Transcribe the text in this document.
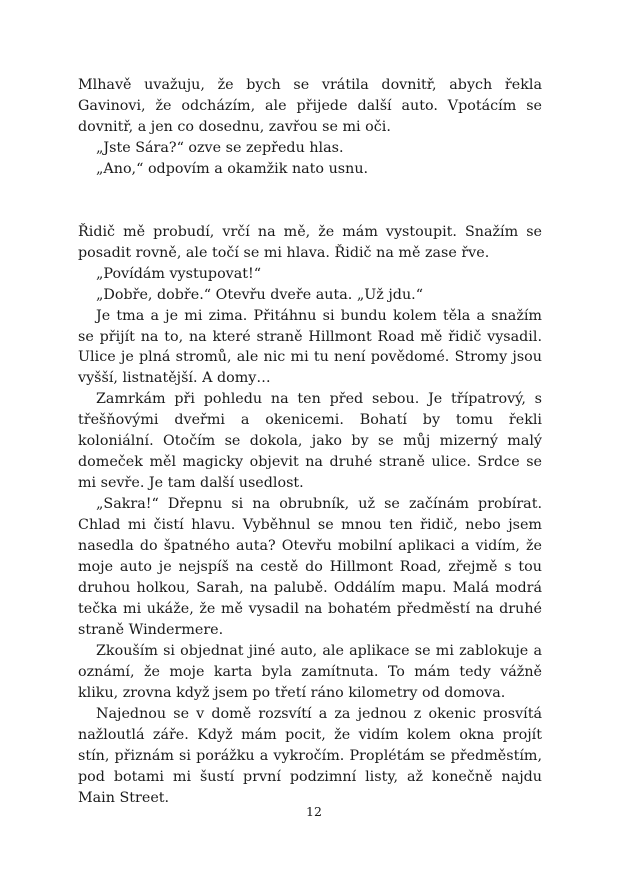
Mlhavě uvažuju, že bych se vrátila dovnitř, abych řekla Gavinovi, že odcházím, ale přijede další auto. Vpotácím se dovnitř, a jen co dosednu, zavřou se mi oči.

„Jste Sára?“ ozve se zepředu hlas.

„Ano,“ odpovím a okamžik nato usnu.

Řidič mě probudí, vrčí na mě, že mám vystoupit. Snažím se posadit rovně, ale točí se mi hlava. Řidič na mě zase řve.

„Povídám vystupovat!“

„Dobře, dobře.“ Otevřu dveře auta. „Už jdu.“

Je tma a je mi zima. Přitáhnu si bundu kolem těla a snažím se přijít na to, na které straně Hillmont Road mě řidič vysadil. Ulice je plná stromů, ale nic mi tu není povědomé. Stromy jsou vyšší, listnatější. A domy…

Zamrkám při pohledu na ten před sebou. Je třípatrový, s třešňovými dveřmi a okenicemi. Bohatí by tomu řekli koloniální. Otočím se dokola, jako by se můj mizerný malý domeček měl magicky objevit na druhé straně ulice. Srdce se mi sevře. Je tam další usedlost.

„Sakra!“ Dřepnu si na obrubník, už se začínám probírat. Chlad mi čistí hlavu. Vyběhnul se mnou ten řidič, nebo jsem nasedla do špatného auta? Otevřu mobilní aplikaci a vidím, že moje auto je nejspíš na cestě do Hillmont Road, zřejmě s tou druhou holkou, Sarah, na palubě. Oddálím mapu. Malá modrá tečka mi ukáže, že mě vysadil na bohatém předměstí na druhé straně Windermere.

Zkouším si objednat jiné auto, ale aplikace se mi zablokuje a oznámí, že moje karta byla zamítnuta. To mám tedy vážně kliku, zrovna když jsem po třetí ráno kilometry od domova.

Najednou se v domě rozsvítí a za jednou z okenic prosvítá nažloutlá záře. Když mám pocit, že vidím kolem okna projít stín, přiznám si porážku a vykročím. Proplétám se předměstím, pod botami mi šustí první podzimní listy, až konečně najdu Main Street.

12
